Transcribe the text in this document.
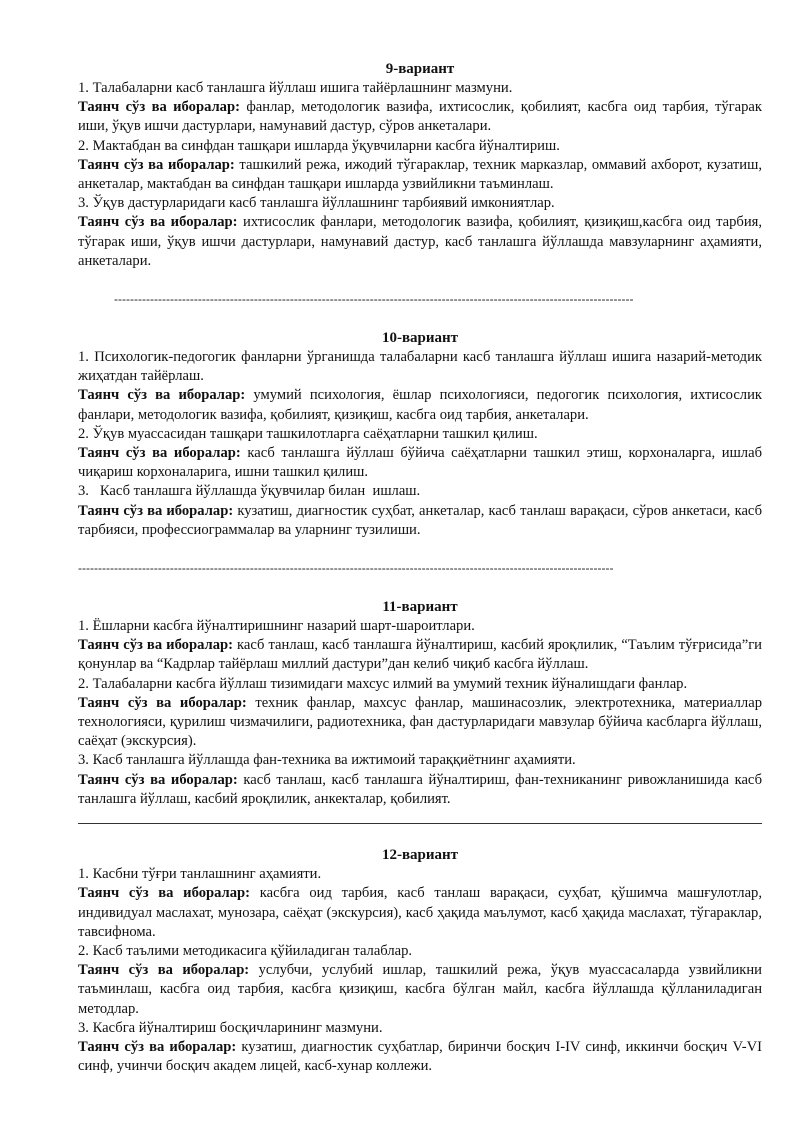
9-вариант

1. Талабаларни касб танлашга йўллаш ишига тайёрлашнинг мазмуни.

Таянч сўз ва иборалар: фанлар, методологик вазифа, ихтисослик, қобилият, касбга оид тарбия, тўгарак иши, ўқув ишчи дастурлари, намунавий дастур, сўров анкеталари.

2. Мактабдан ва синфдан ташқари ишларда ўқувчиларни касбга йўналтириш.

Таянч сўз ва иборалар: ташкилий режа, ижодий тўгараклар, техник марказлар, оммавий ахборот, кузатиш, анкеталар, мактабдан ва синфдан ташқари ишларда узвийликни таъминлаш.

3. Ўқув дастурларидаги касб танлашга йўллашнинг тарбиявий имкониятлар.

Таянч сўз ва иборалар: ихтисослик фанлари, методологик вазифа, қобилият, қизиқиш,касбга оид тарбия, тўгарак иши, ўқув ишчи дастурлари, намунавий дастур, касб танлашга йўллашда мавзуларнинг аҳамияти, анкеталари.

----------------------------------------------------------------------------------------------------------------------------------
10-вариант

1. Психологик-педогогик фанларни ўрганишда талабаларни касб танлашга йўллаш ишига назарий-методик жиҳатдан тайёрлаш.

Таянч сўз ва иборалар: умумий психология, ёшлар психологияси, педогогик психология, ихтисослик фанлари, методологик вазифа, қобилият, қизиқиш, касбга оид тарбия, анкеталари.

2. Ўқув муассасидан ташқари ташкилотларга саёҳатларни ташкил қилиш.

Таянч сўз ва иборалар: касб танлашга йўллаш бўйича саёҳатларни ташкил этиш, корхоналарга, ишлаб чиқариш корхоналарига, ишни ташкил қилиш.

3.   Касб танлашга йўллашда ўқувчилар билан  ишлаш.

Таянч сўз ва иборалар: кузатиш, диагностик суҳбат, анкеталар, касб танлаш варақаси, сўров анкетаси, касб тарбияси, профессиограммалар ва уларнинг тузилиши.

--------------------------------------------------------------------------------------------------------------------------------------
11-вариант

1. Ёшларни касбга йўналтиришнинг назарий шарт-шароитлари.

Таянч сўз ва иборалар: касб танлаш, касб танлашга йўналтириш, касбий яроқлилик, “Таълим тўғрисида”ги қонунлар ва “Кадрлар тайёрлаш миллий дастури”дан келиб чиқиб касбга йўллаш.

2. Талабаларни касбга йўллаш тизимидаги махсус илмий ва умумий техник йўналишдаги фанлар.

Таянч сўз ва иборалар: техник фанлар, махсус фанлар, машинасозлик, электротехника, материаллар технологияси, қурилиш чизмачилиги, радиотехника, фан дастурларидаги мавзулар бўйича касбларга йўллаш, саёҳат (экскурсия).

3. Касб танлашга йўллашда фан-техника ва ижтимоий тараққиётнинг аҳамияти.

Таянч сўз ва иборалар: касб танлаш, касб танлашга йўналтириш, фан-техниканинг ривожланишида касб танлашга йўллаш, касбий яроқлилик, анкекталар, қобилият.

12-вариант

1. Касбни тўғри танлашнинг аҳамияти.

Таянч сўз ва иборалар: касбга оид тарбия, касб танлаш варақаси, суҳбат, қўшимча машғулотлар, индивидуал маслахат, мунозара, саёҳат (экскурсия), касб ҳақида маълумот, касб ҳақида маслахат, тўгараклар, тавсифнома.

2. Касб таълими методикасига қўйиладиган талаблар.

Таянч сўз ва иборалар: услубчи, услубий ишлар, ташкилий режа, ўқув муассасаларда узвийликни таъминлаш, касбга оид тарбия, касбга қизиқиш, касбга бўлган майл, касбга йўллашда қўлланиладиган методлар.

3. Касбга йўналтириш босқичларининг мазмуни.

Таянч сўз ва иборалар: кузатиш, диагностик суҳбатлар, биринчи босқич I-IV синф, иккинчи босқич V-VI синф, учинчи босқич академ лицей, касб-хунар коллежи.
